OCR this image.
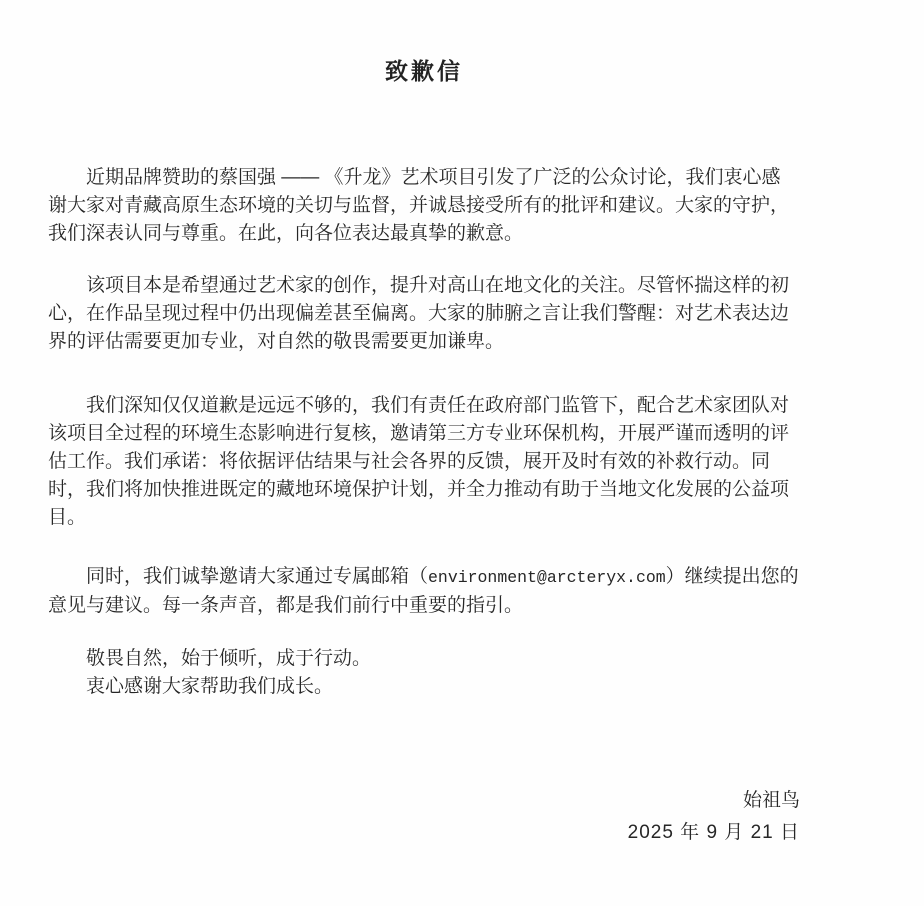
致歉信

近期品牌赞助的蔡国强 —— 《升龙》艺术项目引发了广泛的公众讨论，我们衷心感
谢大家对青藏高原生态环境的关切与监督，并诚恳接受所有的批评和建议。大家的守护，
我们深表认同与尊重。在此，向各位表达最真挚的歉意。

该项目本是希望通过艺术家的创作，提升对高山在地文化的关注。尽管怀揣这样的初
心，在作品呈现过程中仍出现偏差甚至偏离。大家的肺腑之言让我们警醒：对艺术表达边
界的评估需要更加专业，对自然的敬畏需要更加谦卑。

我们深知仅仅道歉是远远不够的，我们有责任在政府部门监管下，配合艺术家团队对
该项目全过程的环境生态影响进行复核，邀请第三方专业环保机构，开展严谨而透明的评
估工作。我们承诺：将依据评估结果与社会各界的反馈，展开及时有效的补救行动。同
时，我们将加快推进既定的藏地环境保护计划，并全力推动有助于当地文化发展的公益项
目。

同时，我们诚挚邀请大家通过专属邮箱（environment@arcteryx.com）继续提出您的
意见与建议。每一条声音，都是我们前行中重要的指引。

敬畏自然，始于倾听，成于行动。
衷心感谢大家帮助我们成长。

始祖鸟
2025 年 9 月 21 日
